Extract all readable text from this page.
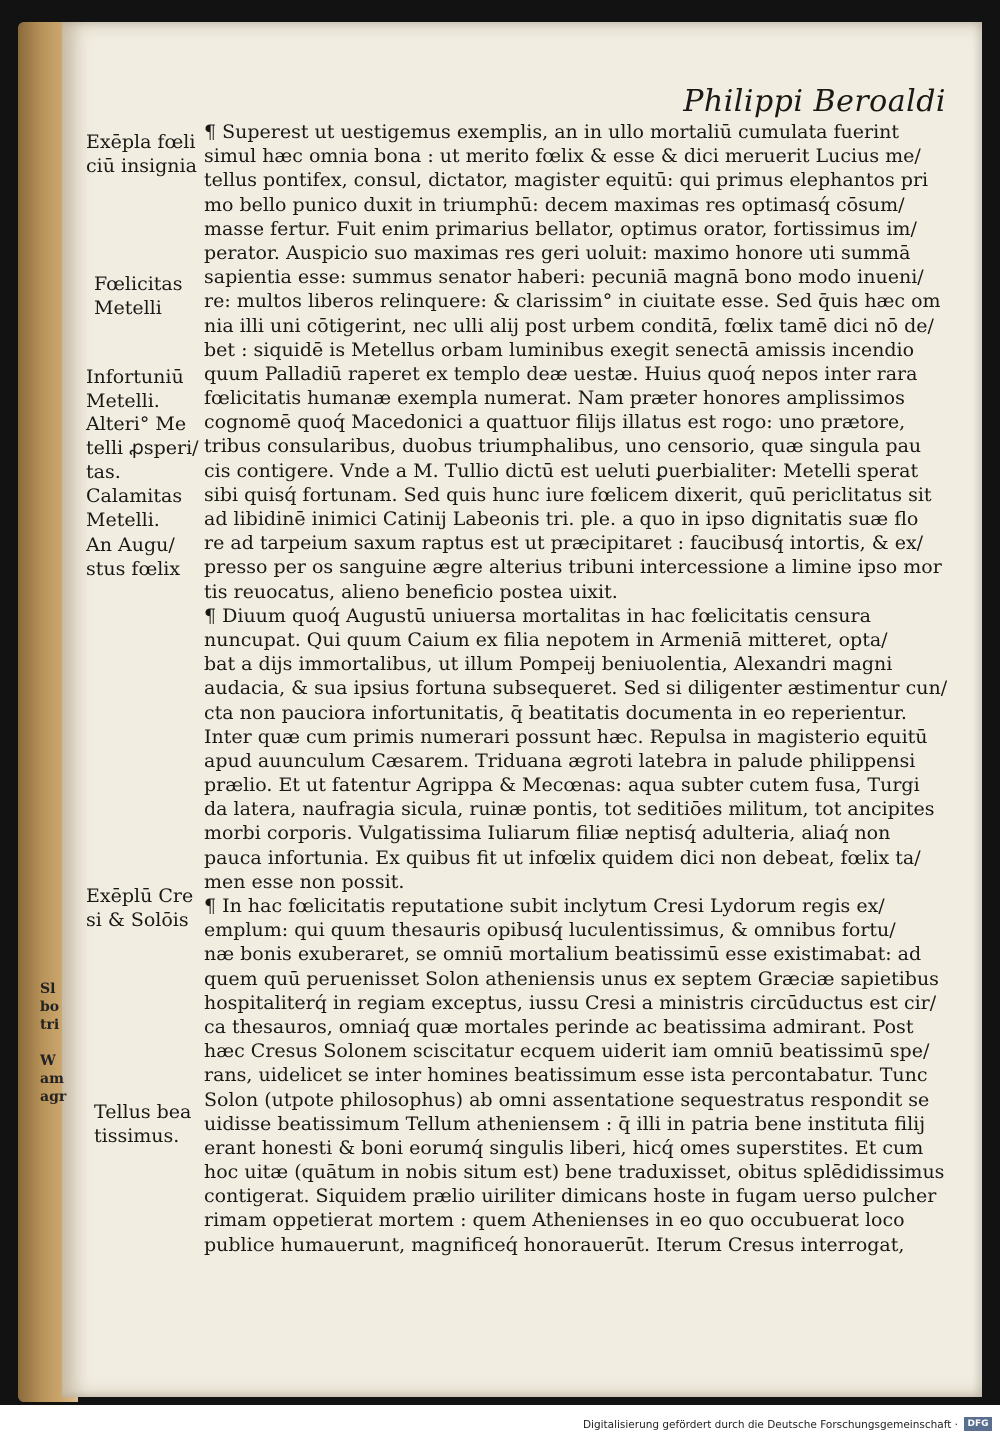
Philippi Beroaldi
Exēpla fœli
ciū insignia
Fœlicitas
Metelli
Infortuniū
Metelli.
Alteri° Me
telli ꝓsperi/
tas.
Calamitas
Metelli.
An Augu/
stus fœlix
Exēplū Cre
si & Solōis
Tellus bea
tissimus.
¶ Superest ut uestigemus exemplis, an in ullo mortaliū cumulata fuerint
simul hæc omnia bona : ut merito fœlix & esse & dici meruerit Lucius me/
tellus pontifex, consul, dictator, magister equitū: qui primus elephantos pri
mo bello punico duxit in triumphū: decem maximas res optimasq́ cōsum/
masse fertur. Fuit enim primarius bellator, optimus orator, fortissimus im/
perator. Auspicio suo maximas res geri uoluit: maximo honore uti summā
sapientia esse: summus senator haberi: pecuniā magnā bono modo inueni/
re: multos liberos relinquere: & clarissim° in ciuitate esse. Sed q̄uis hæc om
nia illi uni cōtigerint, nec ulli alij post urbem conditā, fœlix tamē dici nō de/
bet : siquidē is Metellus orbam luminibus exegit senectā amissis incendio
quum Palladiū raperet ex templo deæ uestæ. Huius quoq́ nepos inter rara
fœlicitatis humanæ exempla numerat. Nam præter honores amplissimos
cognomē quoq́ Macedonici a quattuor filijs illatus est rogo: uno prætore,
tribus consularibus, duobus triumphalibus, uno censorio, quæ singula pau
cis contigere. Vnde a M. Tullio dictū est ueluti ꝑuerbialiter: Metelli sperat
sibi quisq́ fortunam. Sed quis hunc iure fœlicem dixerit, quū periclitatus sit
ad libidinē inimici Catinij Labeonis tri. ple. a quo in ipso dignitatis suæ flo
re ad tarpeium saxum raptus est ut præcipitaret : faucibusq́ intortis, & ex/
presso per os sanguine ægre alterius tribuni intercessione a limine ipso mor
tis reuocatus, alieno beneficio postea uixit.
¶ Diuum quoq́ Augustū uniuersa mortalitas in hac fœlicitatis censura
nuncupat. Qui quum Caium ex filia nepotem in Armeniā mitteret, opta/
bat a dijs immortalibus, ut illum Pompeij beniuolentia, Alexandri magni
audacia, & sua ipsius fortuna subsequeret. Sed si diligenter æstimentur cun/
cta non pauciora infortunitatis, q̄ beatitatis documenta in eo reperientur.
Inter quæ cum primis numerari possunt hæc. Repulsa in magisterio equitū
apud auunculum Cæsarem. Triduana ægroti latebra in palude philippensi
prælio. Et ut fatentur Agrippa & Mecœnas: aqua subter cutem fusa, Turgi
da latera, naufragia sicula, ruinæ pontis, tot seditiōes militum, tot ancipites
morbi corporis. Vulgatissima Iuliarum filiæ neptisq́ adulteria, aliaq́ non
pauca infortunia. Ex quibus fit ut infœlix quidem dici non debeat, fœlix ta/
men esse non possit.
¶ In hac fœlicitatis reputatione subit inclytum Cresi Lydorum regis ex/
emplum: qui quum thesauris opibusq́ luculentissimus, & omnibus fortu/
næ bonis exuberaret, se omniū mortalium beatissimū esse existimabat: ad
quem quū peruenisset Solon atheniensis unus ex septem Græciæ sapietibus
hospitaliterq́ in regiam exceptus, iussu Cresi a ministris circūductus est cir/
ca thesauros, omniaq́ quæ mortales perinde ac beatissima admirant. Post
hæc Cresus Solonem sciscitatur ecquem uiderit iam omniū beatissimū spe/
rans, uidelicet se inter homines beatissimum esse ista percontabatur. Tunc
Solon (utpote philosophus) ab omni assentatione sequestratus respondit se
uidisse beatissimum Tellum atheniensem : q̄ illi in patria bene instituta filij
erant honesti & boni eorumq́ singulis liberi, hicq́ omes superstites. Et cum
hoc uitæ (quātum in nobis situm est) bene traduxisset, obitus splēdidissimus
contigerat. Siquidem prælio uiriliter dimicans hoste in fugam uerso pulcher
rimam oppetierat mortem : quem Athenienses in eo quo occubuerat loco
publice humauerunt, magnificeq́ honorauerūt. Iterum Cresus interrogat,
Sl
bo
tri

W
am
agr
Digitalisierung gefördert durch die Deutsche Forschungsgemeinschaft ·	DFG
